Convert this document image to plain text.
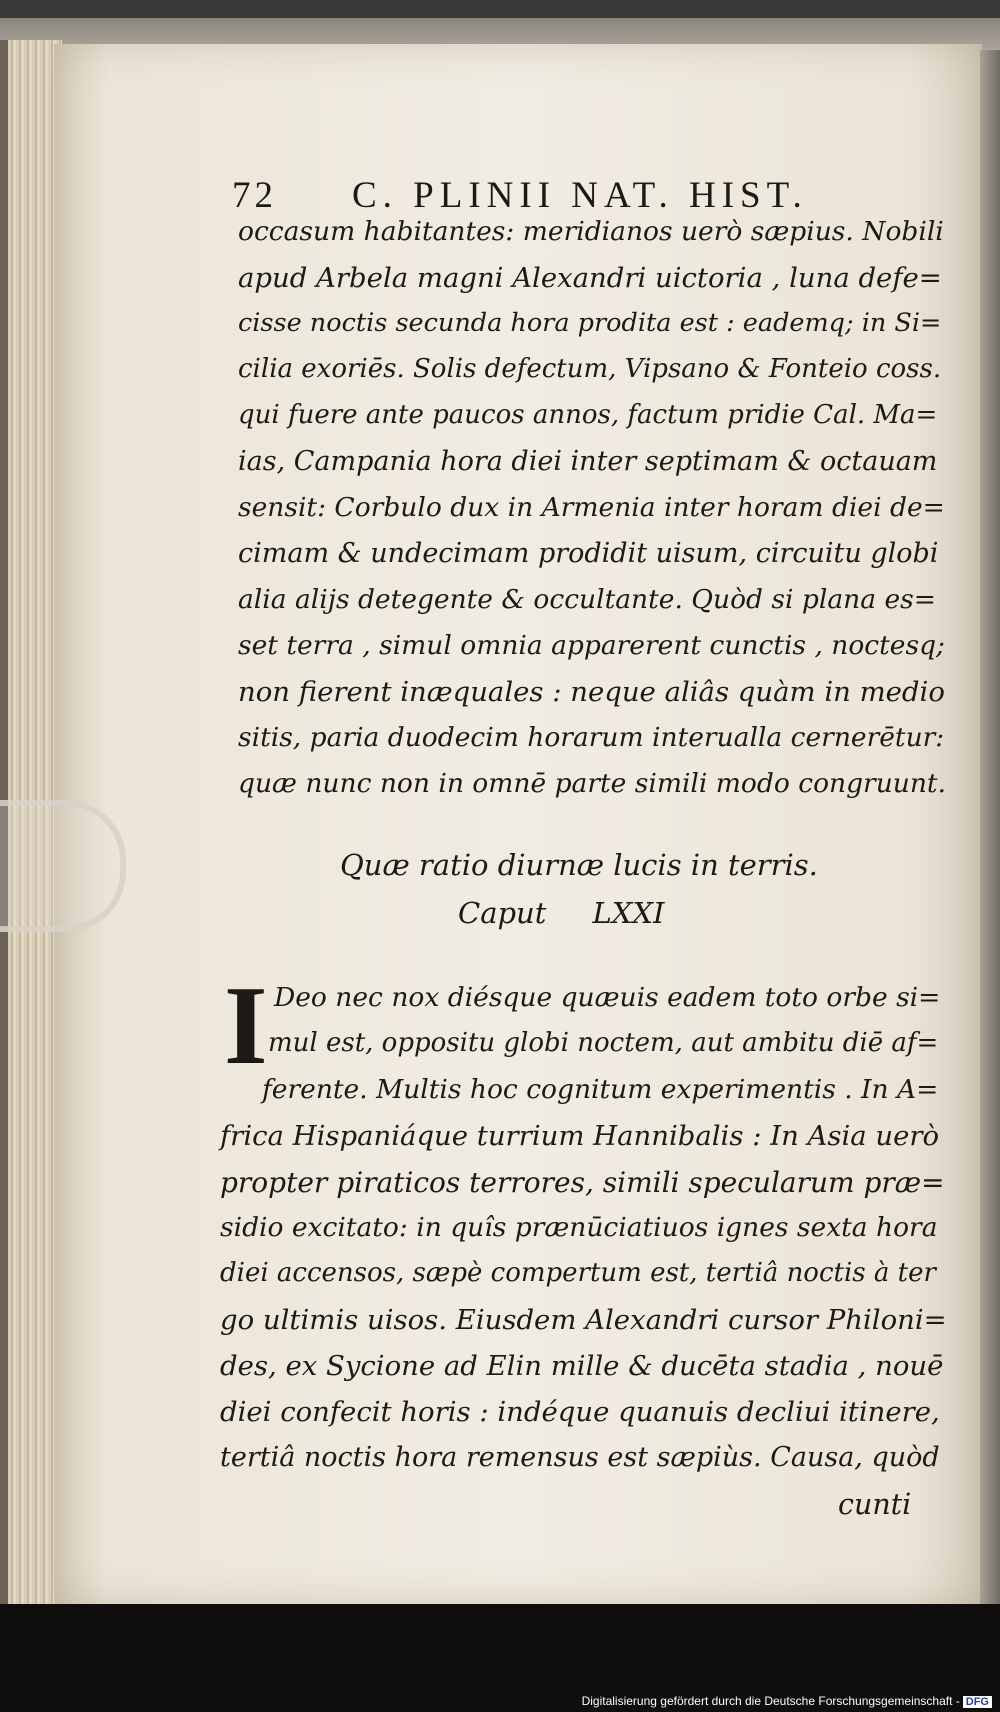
72 C. PLINII NAT. HIST.
occasum habitantes: meridianos uerò sæpius. Nobili
apud Arbela magni Alexandri uictoria , luna defe=
cisse noctis secunda hora prodita est : eademq; in Si=
cilia exoriēs. Solis defectum, Vipsano & Fonteio coss.
qui fuere ante paucos annos, factum pridie Cal. Ma=
ias, Campania hora diei inter septimam & octauam
sensit: Corbulo dux in Armenia inter horam diei de=
cimam & undecimam prodidit uisum, circuitu globi
alia alijs detegente & occultante. Quòd si plana es=
set terra , simul omnia apparerent cunctis , noctesq;
non fierent inæquales : neque aliâs quàm in medio
sitis, paria duodecim horarum interualla cernerētur:
quæ nunc non in omnē parte simili modo congruunt.
Quæ ratio diurnæ lucis in terris.
Caput     LXXI
I Deo nec nox diésque quæuis eadem toto orbe si=
mul est, oppositu globi noctem, aut ambitu diē af=
ferente. Multis hoc cognitum experimentis . In A=
frica Hispaniáque turrium Hannibalis : In Asia uerò
propter piraticos terrores, simili specularum præ=
sidio excitato: in quîs prænūciatiuos ignes sexta hora
diei accensos, sæpè compertum est, tertiâ noctis à ter
go ultimis uisos. Eiusdem Alexandri cursor Philoni=
des, ex Sycione ad Elin mille & ducēta stadia , nouē
diei confecit horis : indéque quanuis decliui itinere,
tertiâ noctis hora remensus est sæpiùs. Causa, quòd
cunti
Digitalisierung gefördert durch die Deutsche Forschungsgemeinschaft - DFG
